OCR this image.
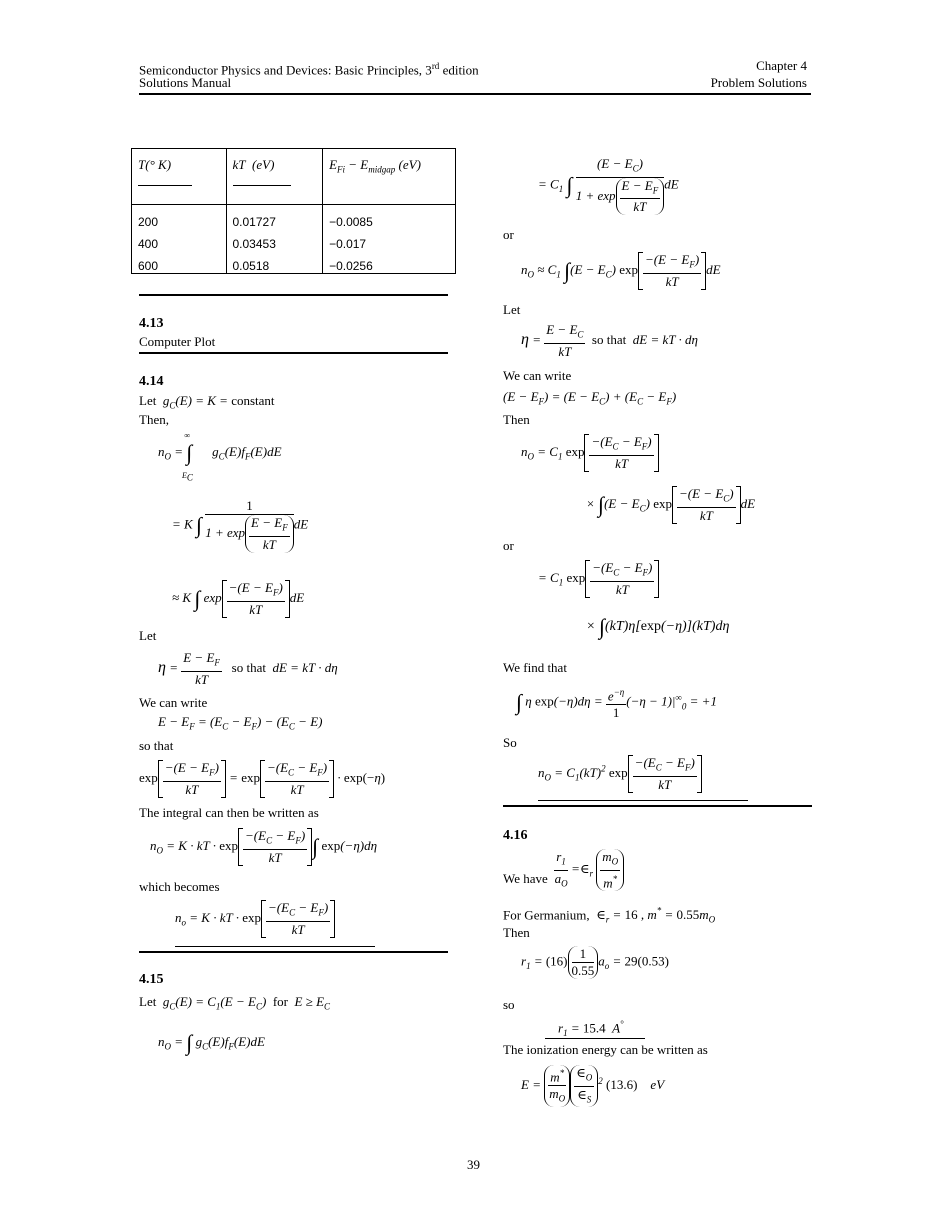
Semiconductor Physics and Devices: Basic Principles, 3rd edition	Chapter 4
Solutions Manual	Problem Solutions
T(° K)	kT  (eV)	$E_{Fi} - E_{midgap}$ (eV)

200	0.01727	−0.0085

400	0.03453	−0.017

600	0.0518	−0.0256
4.13
Computer Plot
4.14
Let $g_C(E) = K$ = constant
Then,
$n_O = \int^\infty_{E_C}$ $g_C(E)f_F(E)dE$
= K ∫ $\frac{1}{1 + \exp \frac{E - E_F}{kT}}$ dE
≈ K ∫ $\exp \frac{-(E - E_F)}{kT}$ dE
Let
$\eta = \frac{E - E_F}{kT}$ so that dE = kT · dη
We can write
$E - E_F = (E_C - E_F) - (E_C - E)$
so that
$\exp \frac{-(E - E_F)}{kT} = \exp \frac{-(E_C - E_F)}{kT} \cdot \exp(-\eta)$
The integral can then be written as
$n_O = K$ · kT · $\exp \frac{-(E_C - E_F)}{kT}$ ∫ exp(−η)dη
which becomes
$n_o = K$ · kT · $\exp \frac{-(E_C - E_F)}{kT}$
4.15
Let $g_C(E) = C_1(E - E_C)$ for $E \ge E_C$
$n_O$ = ∫ $g_C(E)f_F(E)dE$
= $C_1$ ∫ $\frac{(E - E_C)}{1 + \exp \frac{E - E_F}{kT}}$ dE
or
$n_O \approx C_1$ $\int(E - E_C)$ $\exp \frac{-(E - E_F)}{kT}$ dE
Let
$\eta = \frac{E - E_C}{kT}$ so that dE = kT · dη
We can write
$(E - E_F) = (E - E_C) + (E_C - E_F)$
Then
$n_O = C_1$ $\exp \frac{-(E_C - E_F)}{kT}$
× $\int(E - E_C)$ $\exp \frac{-(E - E_C)}{kT}$ dE
or
= $C_1$ $\exp \frac{-(E_C - E_F)}{kT}$
× ∫(kT)η[exp(−η)](kT)dη
We find that
∫ η $\exp(-\eta)d\eta = \frac{e^{-\eta}}{1} (-\eta - 1)|^\infty_0 = +1$
So
$n_O = C_1(kT)^2$ $\exp \frac{-(E_C - E_F)}{kT}$
4.16
We have $\frac{r_1}{a_O}$ $=\in_r \frac{m_O}{m^*}$
For Germanium, $\in_r = 16$ , $m^* = 0.55m_O$
Then
$r_1 = (16) \frac{1}{0.55} a_o = 29(0.53)$
so
$r_1 = 15.4$ A°
The ionization energy can be written as
$E = \frac{m^*}{m_O} \frac{\in_O}{\in_S} ^2$ (13.6) eV
39
